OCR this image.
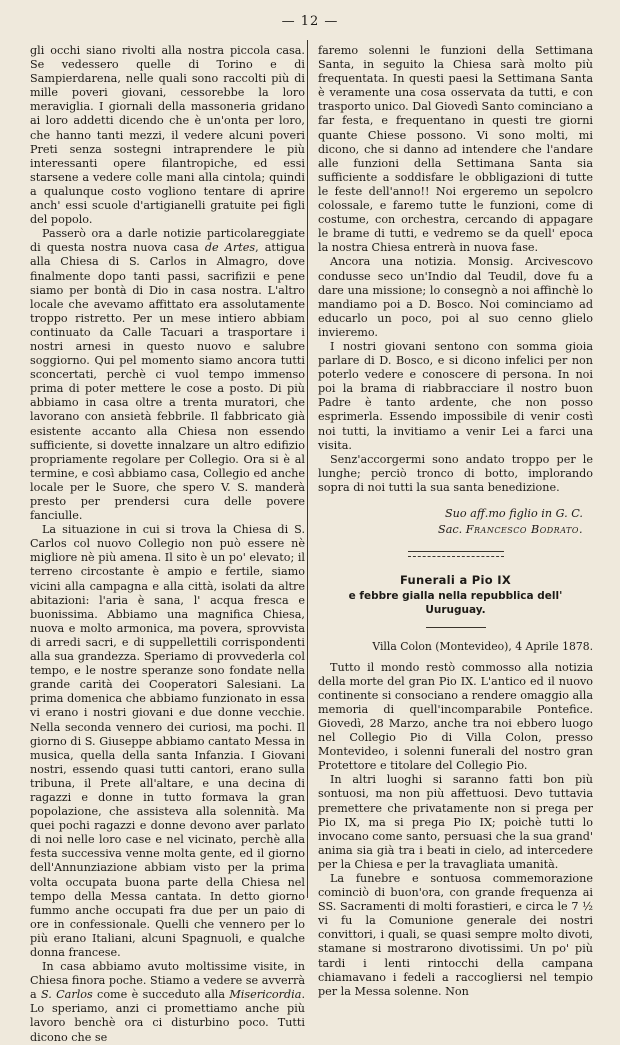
— 12 —

gli occhi siano rivolti alla nostra piccola casa. Se vedessero quelle di Torino e di Sampierdarena, nelle quali sono raccolti più di mille poveri giovani, cessorebbe la loro meraviglia. I giornali della massoneria gridano ai loro addetti dicendo che è un'onta per loro, che hanno tanti mezzi, il vedere alcuni poveri Preti senza sostegni intraprendere le più interessanti opere filantropiche, ed essi starsene a vedere colle mani alla cintola; quindi a qualunque costo vogliono tentare di aprire anch' essi scuole d'artigianelli gratuite pei figli del popolo.

Passerò ora a darle notizie particolareggiate di questa nostra nuova casa de Artes, attigua alla Chiesa di S. Carlos in Almagro, dove finalmente dopo tanti passi, sacrifizii e pene siamo per bontà di Dio in casa nostra. L'altro locale che avevamo affittato era assolutamente troppo ristretto. Per un mese intiero abbiam continuato da Calle Tacuari a trasportare i nostri arnesi in questo nuovo e salubre soggiorno. Qui pel momento siamo ancora tutti sconcertati, perchè ci vuol tempo immenso prima di poter mettere le cose a posto. Di più abbiamo in casa oltre a trenta muratori, che lavorano con ansietà febbrile. Il fabbricato già esistente accanto alla Chiesa non essendo sufficiente, si dovette innalzare un altro edifizio propriamente regolare per Collegio. Ora si è al termine, e così abbiamo casa, Collegio ed anche locale per le Suore, che spero V. S. manderà presto per prendersi cura delle povere fanciulle.

La situazione in cui si trova la Chiesa di S. Carlos col nuovo Collegio non può essere nè migliore nè più amena. Il sito è un po' elevato; il terreno circostante è ampio e fertile, siamo vicini alla campagna e alla città, isolati da altre abitazioni: l'aria è sana, l' acqua fresca e buonissima. Abbiamo una magnifica Chiesa, nuova e molto armonica, ma povera, sprovvista di arredi sacri, e di suppellettili corrispondenti alla sua grandezza. Speriamo di provvederla col tempo, e le nostre speranze sono fondate nella grande carità dei Cooperatori Salesiani. La prima domenica che abbiamo funzionato in essa vi erano i nostri giovani e due donne vecchie. Nella seconda vennero dei curiosi, ma pochi. Il giorno di S. Giuseppe abbiamo cantato Messa in musica, quella della santa Infanzia. I Giovani nostri, essendo quasi tutti cantori, erano sulla tribuna, il Prete all'altare, e una decina di ragazzi e donne in tutto formava la gran popolazione, che assisteva alla solennità. Ma quei pochi ragazzi e donne devono aver parlato di noi nelle loro case e nel vicinato, perchè alla festa successiva venne molta gente, ed il giorno dell'Annunziazione abbiam visto per la prima volta occupata buona parte della Chiesa nel tempo della Messa cantata. In detto giorno fummo anche occupati fra due per un paio di ore in confessionale. Quelli che vennero per lo più erano Italiani, alcuni Spagnuoli, e qualche donna francese.

In casa abbiamo avuto moltissime visite, in Chiesa finora poche. Stiamo a vedere se avverrà a S. Carlos come è succeduto alla Misericordia. Lo speriamo, anzi ci promettiamo anche più lavoro benchè ora ci disturbino poco. Tutti dicono che se

faremo solenni le funzioni della Settimana Santa, in seguito la Chiesa sarà molto più frequentata. In questi paesi la Settimana Santa è veramente una cosa osservata da tutti, e con trasporto unico. Dal Giovedì Santo cominciano a far festa, e frequentano in questi tre giorni quante Chiese possono. Vi sono molti, mi dicono, che si danno ad intendere che l'andare alle funzioni della Settimana Santa sia sufficiente a soddisfare le obbligazioni di tutte le feste dell'anno!! Noi ergeremo un sepolcro colossale, e faremo tutte le funzioni, come di costume, con orchestra, cercando di appagare le brame di tutti, e vedremo se da quell' epoca la nostra Chiesa entrerà in nuova fase.

Ancora una notizia. Monsig. Arcivescovo condusse seco un'Indio dal Teudil, dove fu a dare una missione; lo consegnò a noi affinchè lo mandiamo poi a D. Bosco. Noi cominciamo ad educarlo un poco, poi al suo cenno glielo invieremo.

I nostri giovani sentono con somma gioia parlare di D. Bosco, e si dicono infelici per non poterlo vedere e conoscere di persona. In noi poi la brama di riabbracciare il nostro buon Padre è tanto ardente, che non posso esprimerla. Essendo impossibile di venir costì noi tutti, la invitiamo a venir Lei a farci una visita.

Senz'accorgermi sono andato troppo per le lunghe; perciò tronco di botto, implorando sopra di noi tutti la sua santa benedizione.

Suo aff.mo figlio in G. C.
Sac. Francesco Bodrato.
Funerali a Pio IX
e febbre gialla nella repubblica dell' Uuruguay.
Villa Colon (Montevideo), 4 Aprile 1878.

Tutto il mondo restò commosso alla notizia della morte del gran Pio IX. L'antico ed il nuovo continente si consociano a rendere omaggio alla memoria di quell'incomparabile Pontefice. Giovedì, 28 Marzo, anche tra noi ebbero luogo nel Collegio Pio di Villa Colon, presso Montevideo, i solenni funerali del nostro gran Protettore e titolare del Collegio Pio.

In altri luoghi si saranno fatti bon più sontuosi, ma non più affettuosi. Devo tuttavia premettere che privatamente non si prega per Pio IX, ma si prega Pio IX; poichè tutti lo invocano come santo, persuasi che la sua grand' anima sia già tra i beati in cielo, ad intercedere per la Chiesa e per la travagliata umanità.

La funebre e sontuosa commemorazione cominciò di buon'ora, con grande frequenza ai SS. Sacramenti di molti forastieri, e circa le 7 ½ vi fu la Comunione generale dei nostri convittori, i quali, se quasi sempre molto divoti, stamane si mostrarono divotissimi. Un po' più tardi i lenti rintocchi della campana chiamavano i fedeli a raccogliersi nel tempio per la Messa solenne. Non
